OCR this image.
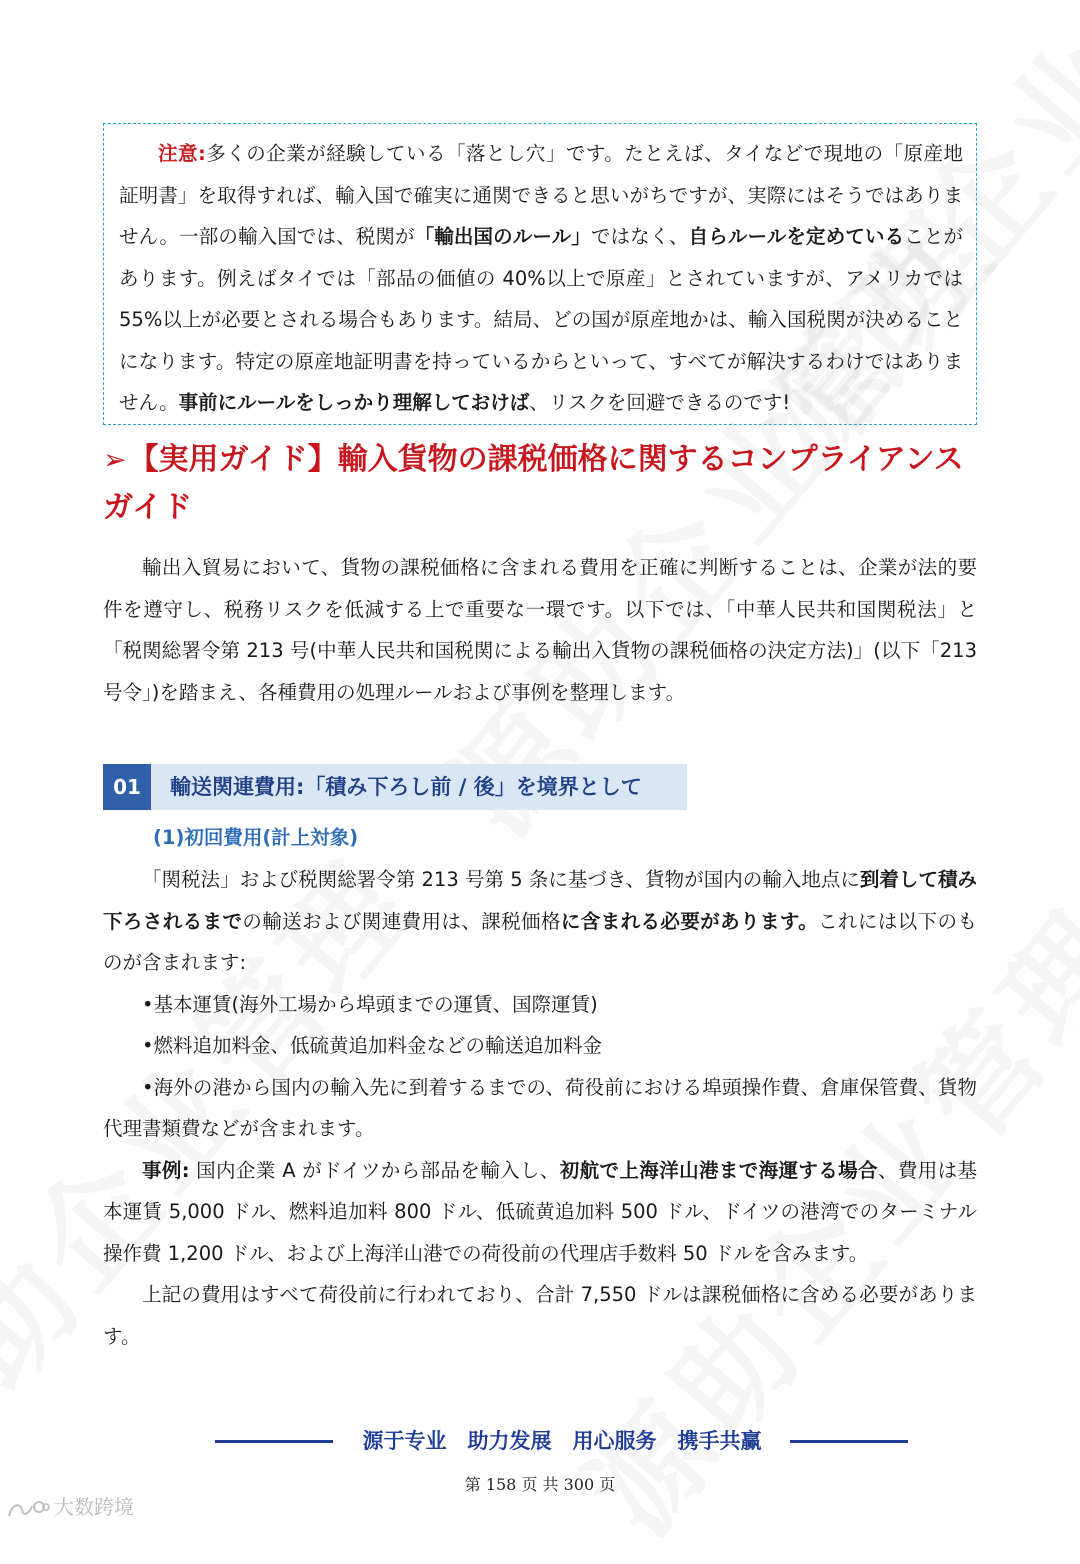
注意:多くの企業が経験している「落とし穴」です。たとえば、タイなどで現地の「原産地証明書」を取得すれば、輸入国で確実に通関できると思いがちですが、実際にはそうではありません。一部の輸入国では、税関が「輸出国のルール」ではなく、自らルールを定めていることがあります。例えばタイでは「部品の価値の 40%以上で原産」とされていますが、アメリカでは 55%以上が必要とされる場合もあります。結局、どの国が原産地かは、輸入国税関が決めることになります。特定の原産地証明書を持っているからといって、すべてが解決するわけではありません。事前にルールをしっかり理解しておけば、リスクを回避できるのです!

➢【実用ガイド】輸入貨物の課税価格に関するコンプライアンスガイド

輸出入貿易において、貨物の課税価格に含まれる費用を正確に判断することは、企業が法的要件を遵守し、税務リスクを低減する上で重要な一環です。以下では、「中華人民共和国関税法」と「税関総署令第 213 号(中華人民共和国税関による輸出入貨物の課税価格の決定方法)」(以下「213 号令」)を踏まえ、各種費用の処理ルールおよび事例を整理します。

01	輸送関連費用:「積み下ろし前 / 後」を境界として
(1)初回費用(計上対象)

「関税法」および税関総署令第 213 号第 5 条に基づき、貨物が国内の輸入地点に到着して積み下ろされるまでの輸送および関連費用は、課税価格に含まれる必要があります。これには以下のものが含まれます:

•基本運賃(海外工場から埠頭までの運賃、国際運賃)

•燃料追加料金、低硫黄追加料金などの輸送追加料金

•海外の港から国内の輸入先に到着するまでの、荷役前における埠頭操作費、倉庫保管費、貨物代理書類費などが含まれます。

事例: 国内企業 A がドイツから部品を輸入し、初航で上海洋山港まで海運する場合、費用は基本運賃 5,000 ドル、燃料追加料 800 ドル、低硫黄追加料 500 ドル、ドイツの港湾でのターミナル操作費 1,200 ドル、および上海洋山港での荷役前の代理店手数料 50 ドルを含みます。

上記の費用はすべて荷役前に行われており、合計 7,550 ドルは課税価格に含める必要があります。

源于专业　助力发展　用心服务　携手共赢
第 158 页 共 300 页
大数跨境
